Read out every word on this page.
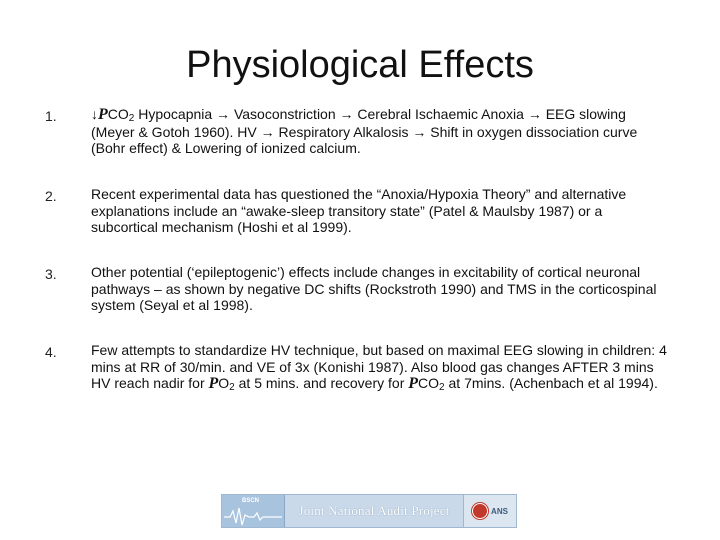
Physiological Effects
1. $↓PCO_2$ Hypocapnia → Vasoconstriction → Cerebral Ischaemic Anoxia → EEG slowing (Meyer & Gotoh 1960). HV → Respiratory Alkalosis → Shift in oxygen dissociation curve (Bohr effect) & Lowering of ionized calcium.
2. Recent experimental data has questioned the “Anoxia/Hypoxia Theory” and alternative explanations include an “awake-sleep transitory state” (Patel & Maulsby 1987) or a subcortical mechanism (Hoshi et al 1999).
3. Other potential (‘epileptogenic’) effects include changes in excitability of cortical neuronal pathways – as shown by negative DC shifts (Rockstroth 1990) and TMS in the corticospinal system (Seyal et al 1998).
4. Few attempts to standardize HV technique, but based on maximal EEG slowing in children: 4 mins at RR of 30/min. and VE of 3x (Konishi 1987). Also blood gas changes AFTER 3 mins HV reach nadir for $PO_2$ at 5 mins. and recovery for $PCO_2$ at 7mins. (Achenbach et al 1994).
BSCN
Joint National Audit Project	ANS
